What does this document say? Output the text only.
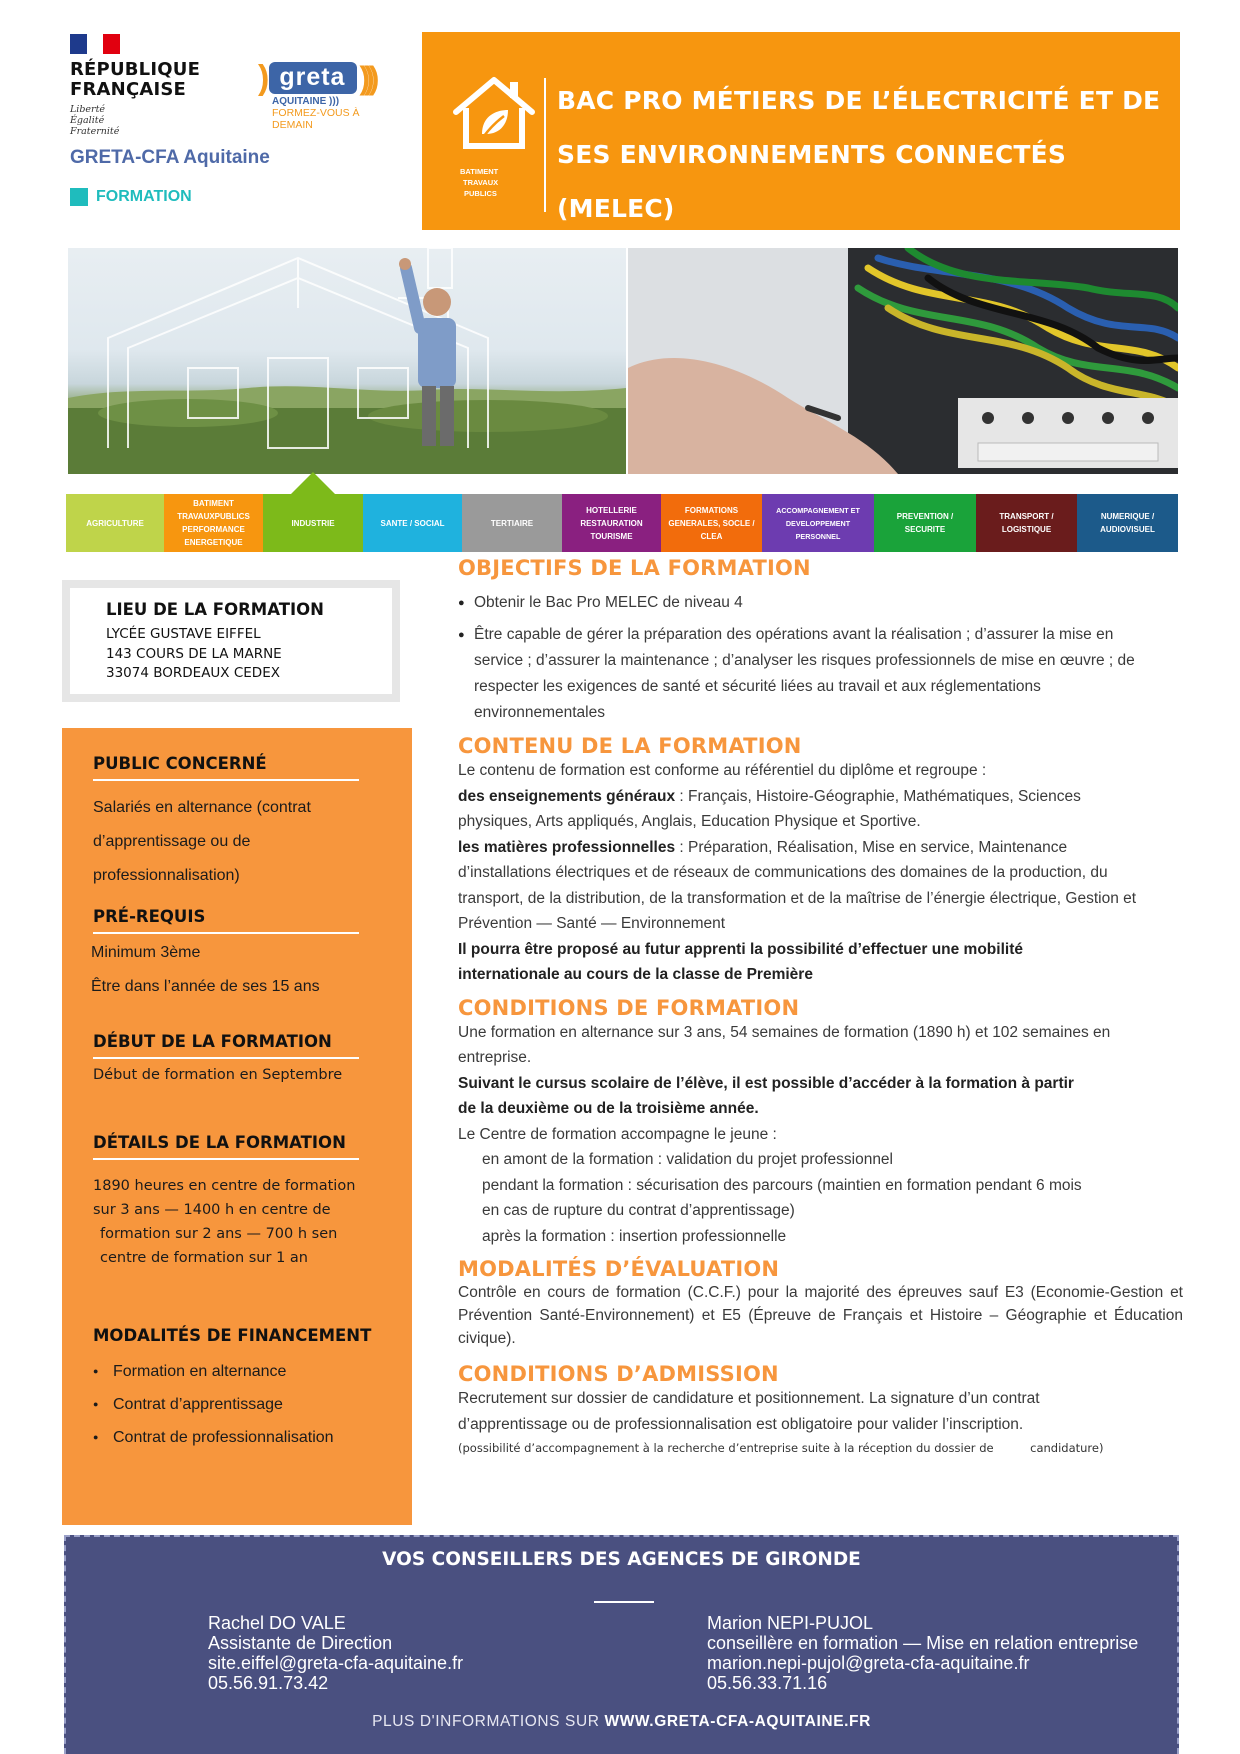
RÉPUBLIQUE
FRANÇAISE
Liberté
Égalité
Fraternité
) greta )))
AQUITAINE )))
FORMEZ-VOUS À DEMAIN
GRETA-CFA Aquitaine
FORMATION
BATIMENT
TRAVAUX
PUBLICS
BAC PRO MÉTIERS DE L’ÉLECTRICITÉ ET DE
SES ENVIRONNEMENTS CONNECTÉS (MELEC)
AGRICULTURE
BATIMENT TRAVAUXPUBLICS PERFORMANCE ENERGETIQUE
INDUSTRIE	SANTE / SOCIAL	TERTIAIRE
HOTELLERIE RESTAURATION TOURISME
FORMATIONS GENERALES, SOCLE / CLEA
ACCOMPAGNEMENT ET DEVELOPPEMENT PERSONNEL
PREVENTION / SECURITE
TRANSPORT / LOGISTIQUE
NUMERIQUE / AUDIOVISUEL
LIEU DE LA FORMATION
LYCÉE GUSTAVE EIFFEL
143 COURS DE LA MARNE
33074 BORDEAUX CEDEX
PUBLIC CONCERNÉ
Salariés en alternance (contrat
d’apprentissage ou de
professionnalisation)
PRÉ-REQUIS
Minimum 3ème
Être dans l’année de ses 15 ans
DÉBUT DE LA FORMATION
Début de formation en Septembre
DÉTAILS DE LA FORMATION
1890 heures en centre de formation
sur 3 ans — 1400 h en centre de
formation sur 2 ans — 700 h sen
centre de formation sur 1 an
MODALITÉS DE FINANCEMENT
● Formation en alternance
● Contrat d’apprentissage
● Contrat de professionnalisation
OBJECTIFS DE LA FORMATION
● Obtenir le Bac Pro MELEC de niveau 4
● Être capable de gérer la préparation des opérations avant la réalisation ; d’assurer la mise en service ; d’assurer la maintenance ; d’analyser les risques professionnels de mise en œuvre ; de respecter les exigences de santé et sécurité liées au travail et aux réglementations environnementales
CONTENU DE LA FORMATION
Le contenu de formation est conforme au référentiel du diplôme et regroupe :
des enseignements généraux : Français, Histoire-Géographie, Mathématiques, Sciences physiques, Arts appliqués, Anglais, Education Physique et Sportive.
les matières professionnelles : Préparation, Réalisation, Mise en service, Maintenance d’installations électriques et de réseaux de communications des domaines de la production, du transport, de la distribution, de la transformation et de la maîtrise de l’énergie électrique, Gestion et Prévention — Santé — Environnement
Il pourra être proposé au futur apprenti la possibilité d’effectuer une mobilité internationale au cours de la classe de Première
CONDITIONS DE FORMATION
Une formation en alternance sur 3 ans, 54 semaines de formation (1890 h) et 102 semaines en entreprise.
Suivant le cursus scolaire de l’élève, il est possible d’accéder à la formation à partir de la deuxième ou de la troisième année.
Le Centre de formation accompagne le jeune :
en amont de la formation : validation du projet professionnel
pendant la formation : sécurisation des parcours (maintien en formation pendant 6 mois en cas de rupture du contrat d’apprentissage)
après la formation : insertion professionnelle
MODALITÉS D’ÉVALUATION
Contrôle en cours de formation (C.C.F.) pour la majorité des épreuves sauf E3 (Economie-Gestion et Prévention Santé-Environnement) et E5 (Épreuve de Français et Histoire – Géographie et Éducation civique).
CONDITIONS D’ADMISSION
Recrutement sur dossier de candidature et positionnement. La signature d’un contrat d’apprentissage ou de professionnalisation est obligatoire pour valider l’inscription.
(possibilité d’accompagnement à la recherche d’entreprise suite à la réception du dossier de          candidature)
VOS CONSEILLERS DES AGENCES DE GIRONDE
Rachel DO VALE
Assistante de Direction
site.eiffel@greta-cfa-aquitaine.fr
05.56.91.73.42
Marion NEPI-PUJOL
conseillère en formation — Mise en relation entreprise
marion.nepi-pujol@greta-cfa-aquitaine.fr
05.56.33.71.16
PLUS D'INFORMATIONS SUR WWW.GRETA-CFA-AQUITAINE.FR
